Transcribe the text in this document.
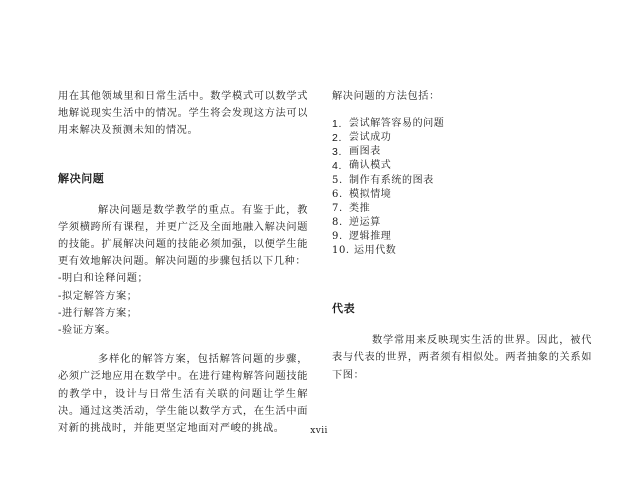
用在其他领域里和日常生活中。数学模式可以数学式地解说现实生活中的情况。学生将会发现这方法可以用来解决及预测未知的情况。

解决问题

解决问题是数学教学的重点。有鉴于此，教学须横跨所有课程，并更广泛及全面地融入解决问题的技能。扩展解决问题的技能必须加强，以便学生能更有效地解决问题。解决问题的步骤包括以下几种：

-明白和诠释问题；

-拟定解答方案；

-进行解答方案；

-验证方案。

多样化的解答方案，包括解答问题的步骤，必须广泛地应用在数学中。在进行建构解答问题技能的教学中，设计与日常生活有关联的问题让学生解决。通过这类活动，学生能以数学方式，在生活中面对新的挑战时，并能更坚定地面对严峻的挑战。

解决问题的方法包括：

1. 尝试解答容易的问题
2. 尝试成功
3. 画图表
4. 确认模式
5. 制作有系统的图表
6. 模拟情境
7. 类推
8. 逆运算
9. 逻辑推理
10. 运用代数
代表

数学常用来反映现实生活的世界。因此，被代表与代表的世界，两者须有相似处。两者抽象的关系如下图：

xvii
